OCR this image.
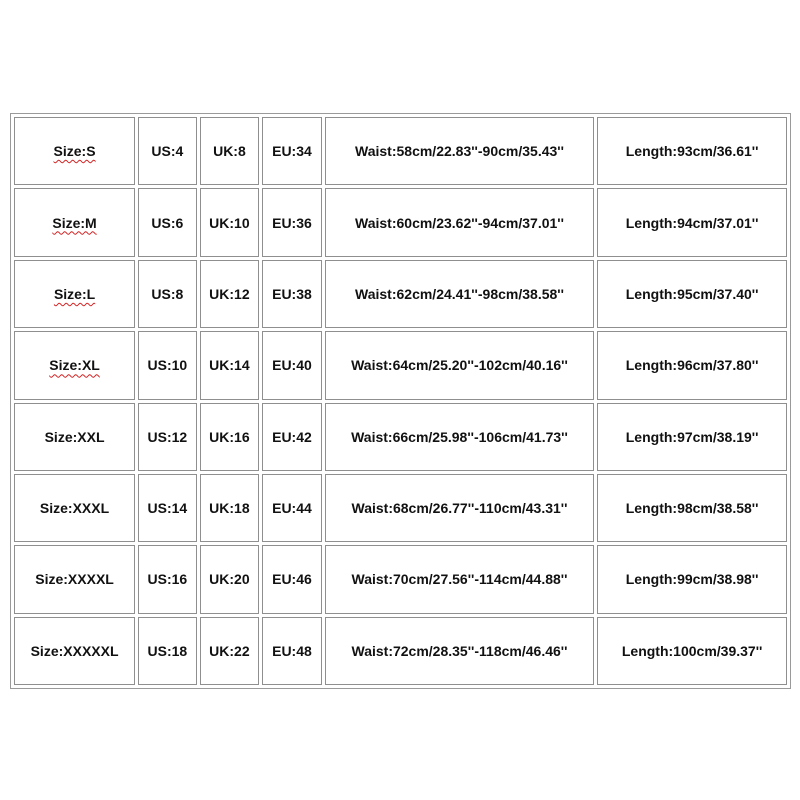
Size:S	US:4	UK:8	EU:34	Waist:58cm/22.83''-90cm/35.43''	Length:93cm/36.61''
Size:M	US:6	UK:10	EU:36	Waist:60cm/23.62''-94cm/37.01''	Length:94cm/37.01''
Size:L	US:8	UK:12	EU:38	Waist:62cm/24.41''-98cm/38.58''	Length:95cm/37.40''
Size:XL	US:10	UK:14	EU:40	Waist:64cm/25.20''-102cm/40.16''	Length:96cm/37.80''
Size:XXL	US:12	UK:16	EU:42	Waist:66cm/25.98''-106cm/41.73''	Length:97cm/38.19''
Size:XXXL	US:14	UK:18	EU:44	Waist:68cm/26.77''-110cm/43.31''	Length:98cm/38.58''
Size:XXXXL	US:16	UK:20	EU:46	Waist:70cm/27.56''-114cm/44.88''	Length:99cm/38.98''
Size:XXXXXL	US:18	UK:22	EU:48	Waist:72cm/28.35''-118cm/46.46''	Length:100cm/39.37''
